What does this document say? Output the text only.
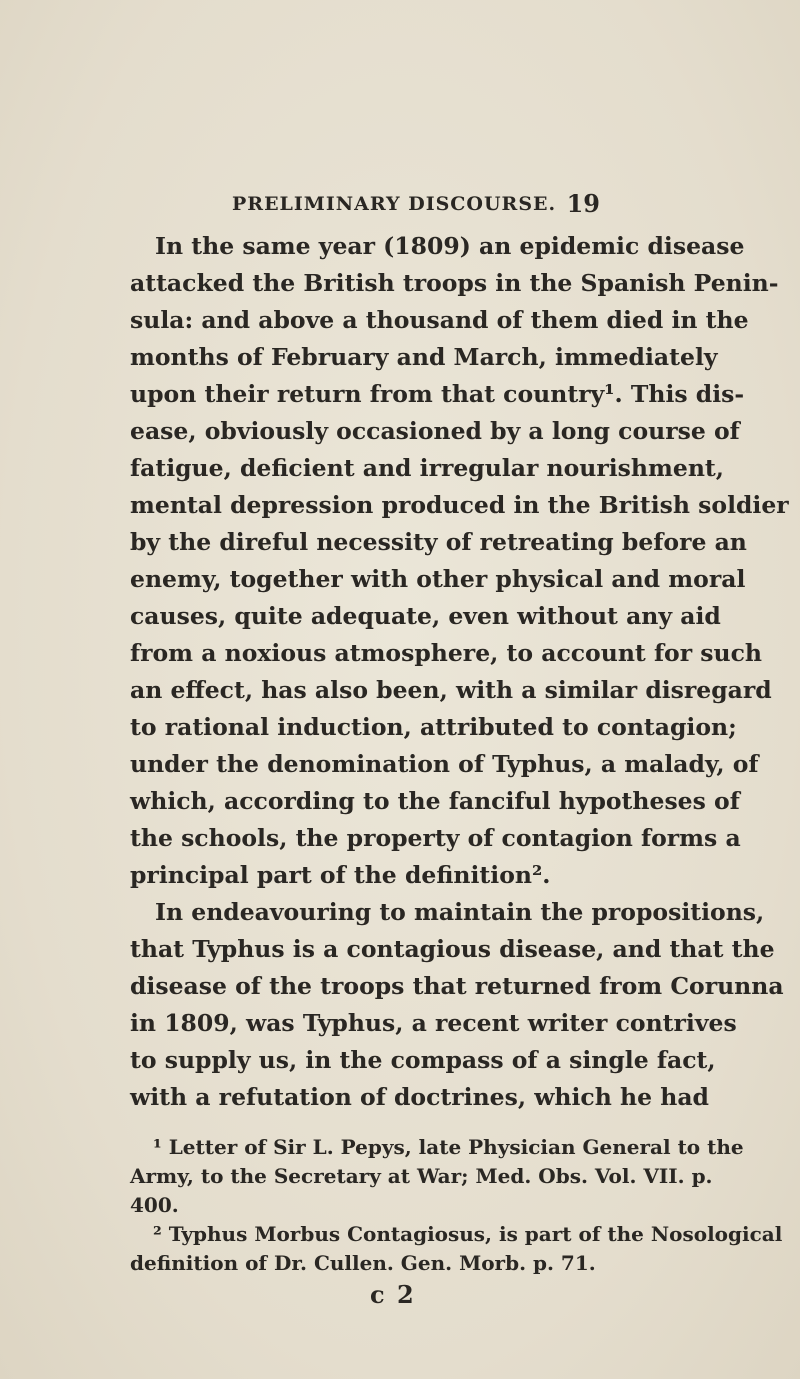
PRELIMINARY DISCOURSE. 19
In the same year (1809) an epidemic disease
attacked the British troops in the Spanish Penin-
sula: and above a thousand of them died in the
months of February and March, immediately
upon their return from that country¹. This dis-
ease, obviously occasioned by a long course of
fatigue, deficient and irregular nourishment,
mental depression produced in the British soldier
by the direful necessity of retreating before an
enemy, together with other physical and moral
causes, quite adequate, even without any aid
from a noxious atmosphere, to account for such
an effect, has also been, with a similar disregard
to rational induction, attributed to contagion;
under the denomination of Typhus, a malady, of
which, according to the fanciful hypotheses of
the schools, the property of contagion forms a
principal part of the definition².
In endeavouring to maintain the propositions,
that Typhus is a contagious disease, and that the
disease of the troops that returned from Corunna
in 1809, was Typhus, a recent writer contrives
to supply us, in the compass of a single fact,
with a refutation of doctrines, which he had
¹ Letter of Sir L. Pepys, late Physician General to the
Army, to the Secretary at War; Med. Obs. Vol. VII. p.
400.
² Typhus Morbus Contagiosus, is part of the Nosological
definition of Dr. Cullen. Gen. Morb. p. 71.
c 2
